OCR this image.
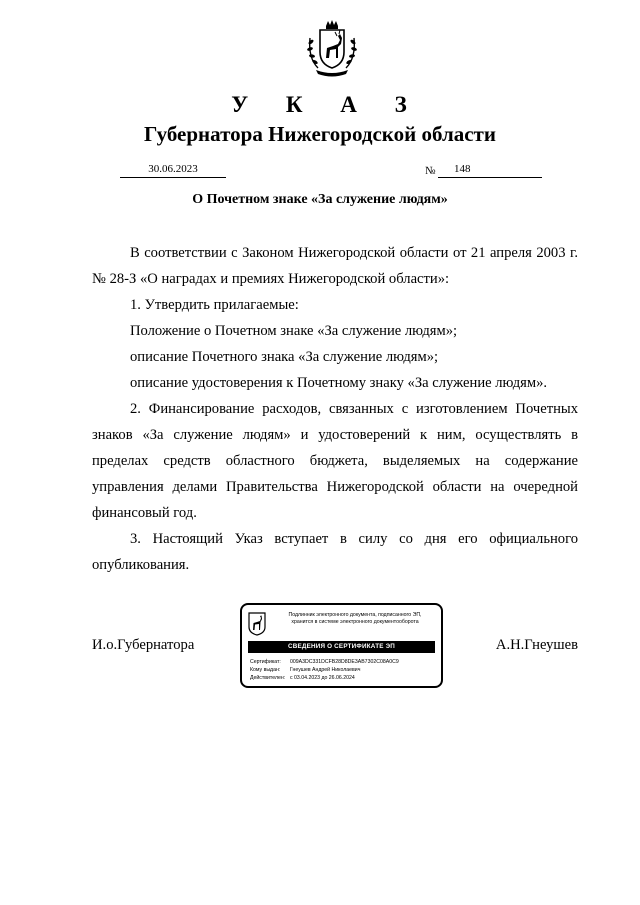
У К А З
Губернатора Нижегородской области
30.06.2023	№	148
О Почетном знаке «За служение людям»

В соответствии с Законом Нижегородской области от 21 апреля 2003 г. № 28-З «О наградах и премиях Нижегородской области»:

1. Утвердить прилагаемые:

Положение о Почетном знаке «За служение людям»;

описание Почетного знака «За служение людям»;

описание удостоверения к Почетному знаку «За служение людям».

2. Финансирование расходов, связанных с изготовлением Почетных знаков «За служение людям» и удостоверений к ним, осуществлять в пределах средств областного бюджета, выделяемых на содержание управления делами Правительства Нижегородской области на очередной финансовый год.

3. Настоящий Указ вступает в силу со дня его официального опубликования.

И.о.Губернатора	А.Н.Гнеушев
Подлинник электронного документа, подписанного ЭП,
хранится в системе электронного документооборота
СВЕДЕНИЯ О СЕРТИФИКАТЕ ЭП
Сертификат: 009A3DC331DCFB28D8DE3AB7302C08A0C9
Кому выдан: Гнеушев Андрей Николаевич
Действителен: с 03.04.2023 до 26.06.2024
